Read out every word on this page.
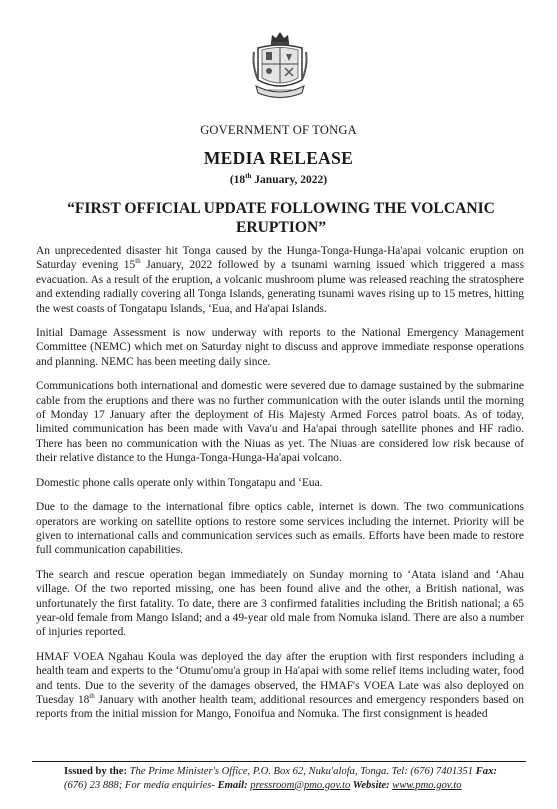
GOVERNMENT OF TONGA
MEDIA RELEASE
(18th January, 2022)
“FIRST OFFICIAL UPDATE FOLLOWING THE VOLCANIC ERUPTION”

An unprecedented disaster hit Tonga caused by the Hunga-Tonga-Hunga-Ha'apai volcanic eruption on Saturday evening 15th January, 2022 followed by a tsunami warning issued which triggered a mass evacuation. As a result of the eruption, a volcanic mushroom plume was released reaching the stratosphere and extending radially covering all Tonga Islands, generating tsunami waves rising up to 15 metres, hitting the west coasts of Tongatapu Islands, ‘Eua, and Ha'apai Islands.

Initial Damage Assessment is now underway with reports to the National Emergency Management Committee (NEMC) which met on Saturday night to discuss and approve immediate response operations and planning. NEMC has been meeting daily since.

Communications both international and domestic were severed due to damage sustained by the submarine cable from the eruptions and there was no further communication with the outer islands until the morning of Monday 17 January after the deployment of His Majesty Armed Forces patrol boats. As of today, limited communication has been made with Vava'u and Ha'apai through satellite phones and HF radio. There has been no communication with the Niuas as yet. The Niuas are considered low risk because of their relative distance to the Hunga-Tonga-Hunga-Ha'apai volcano.

Domestic phone calls operate only within Tongatapu and ‘Eua.

Due to the damage to the international fibre optics cable, internet is down. The two communications operators are working on satellite options to restore some services including the internet. Priority will be given to international calls and communication services such as emails. Efforts have been made to restore full communication capabilities.

The search and rescue operation began immediately on Sunday morning to ‘Atata island and ‘Ahau village. Of the two reported missing, one has been found alive and the other, a British national, was unfortunately the first fatality. To date, there are 3 confirmed fatalities including the British national; a 65 year-old female from Mango Island; and a 49-year old male from Nomuka island. There are also a number of injuries reported.

HMAF VOEA Ngahau Koula was deployed the day after the eruption with first responders including a health team and experts to the ‘Otumu'omu'a group in Ha'apai with some relief items including water, food and tents. Due to the severity of the damages observed, the HMAF's VOEA Late was also deployed on Tuesday 18th January with another health team, additional resources and emergency responders based on reports from the initial mission for Mango, Fonoifua and Nomuka. The first consignment is headed

Issued by the: The Prime Minister's Office, P.O. Box 62, Nuku'alofa, Tonga. Tel: (676) 7401351 Fax: (676) 23 888; For media enquiries- Email: pressroom@pmo.gov.to Website: www.pmo.gov.to
